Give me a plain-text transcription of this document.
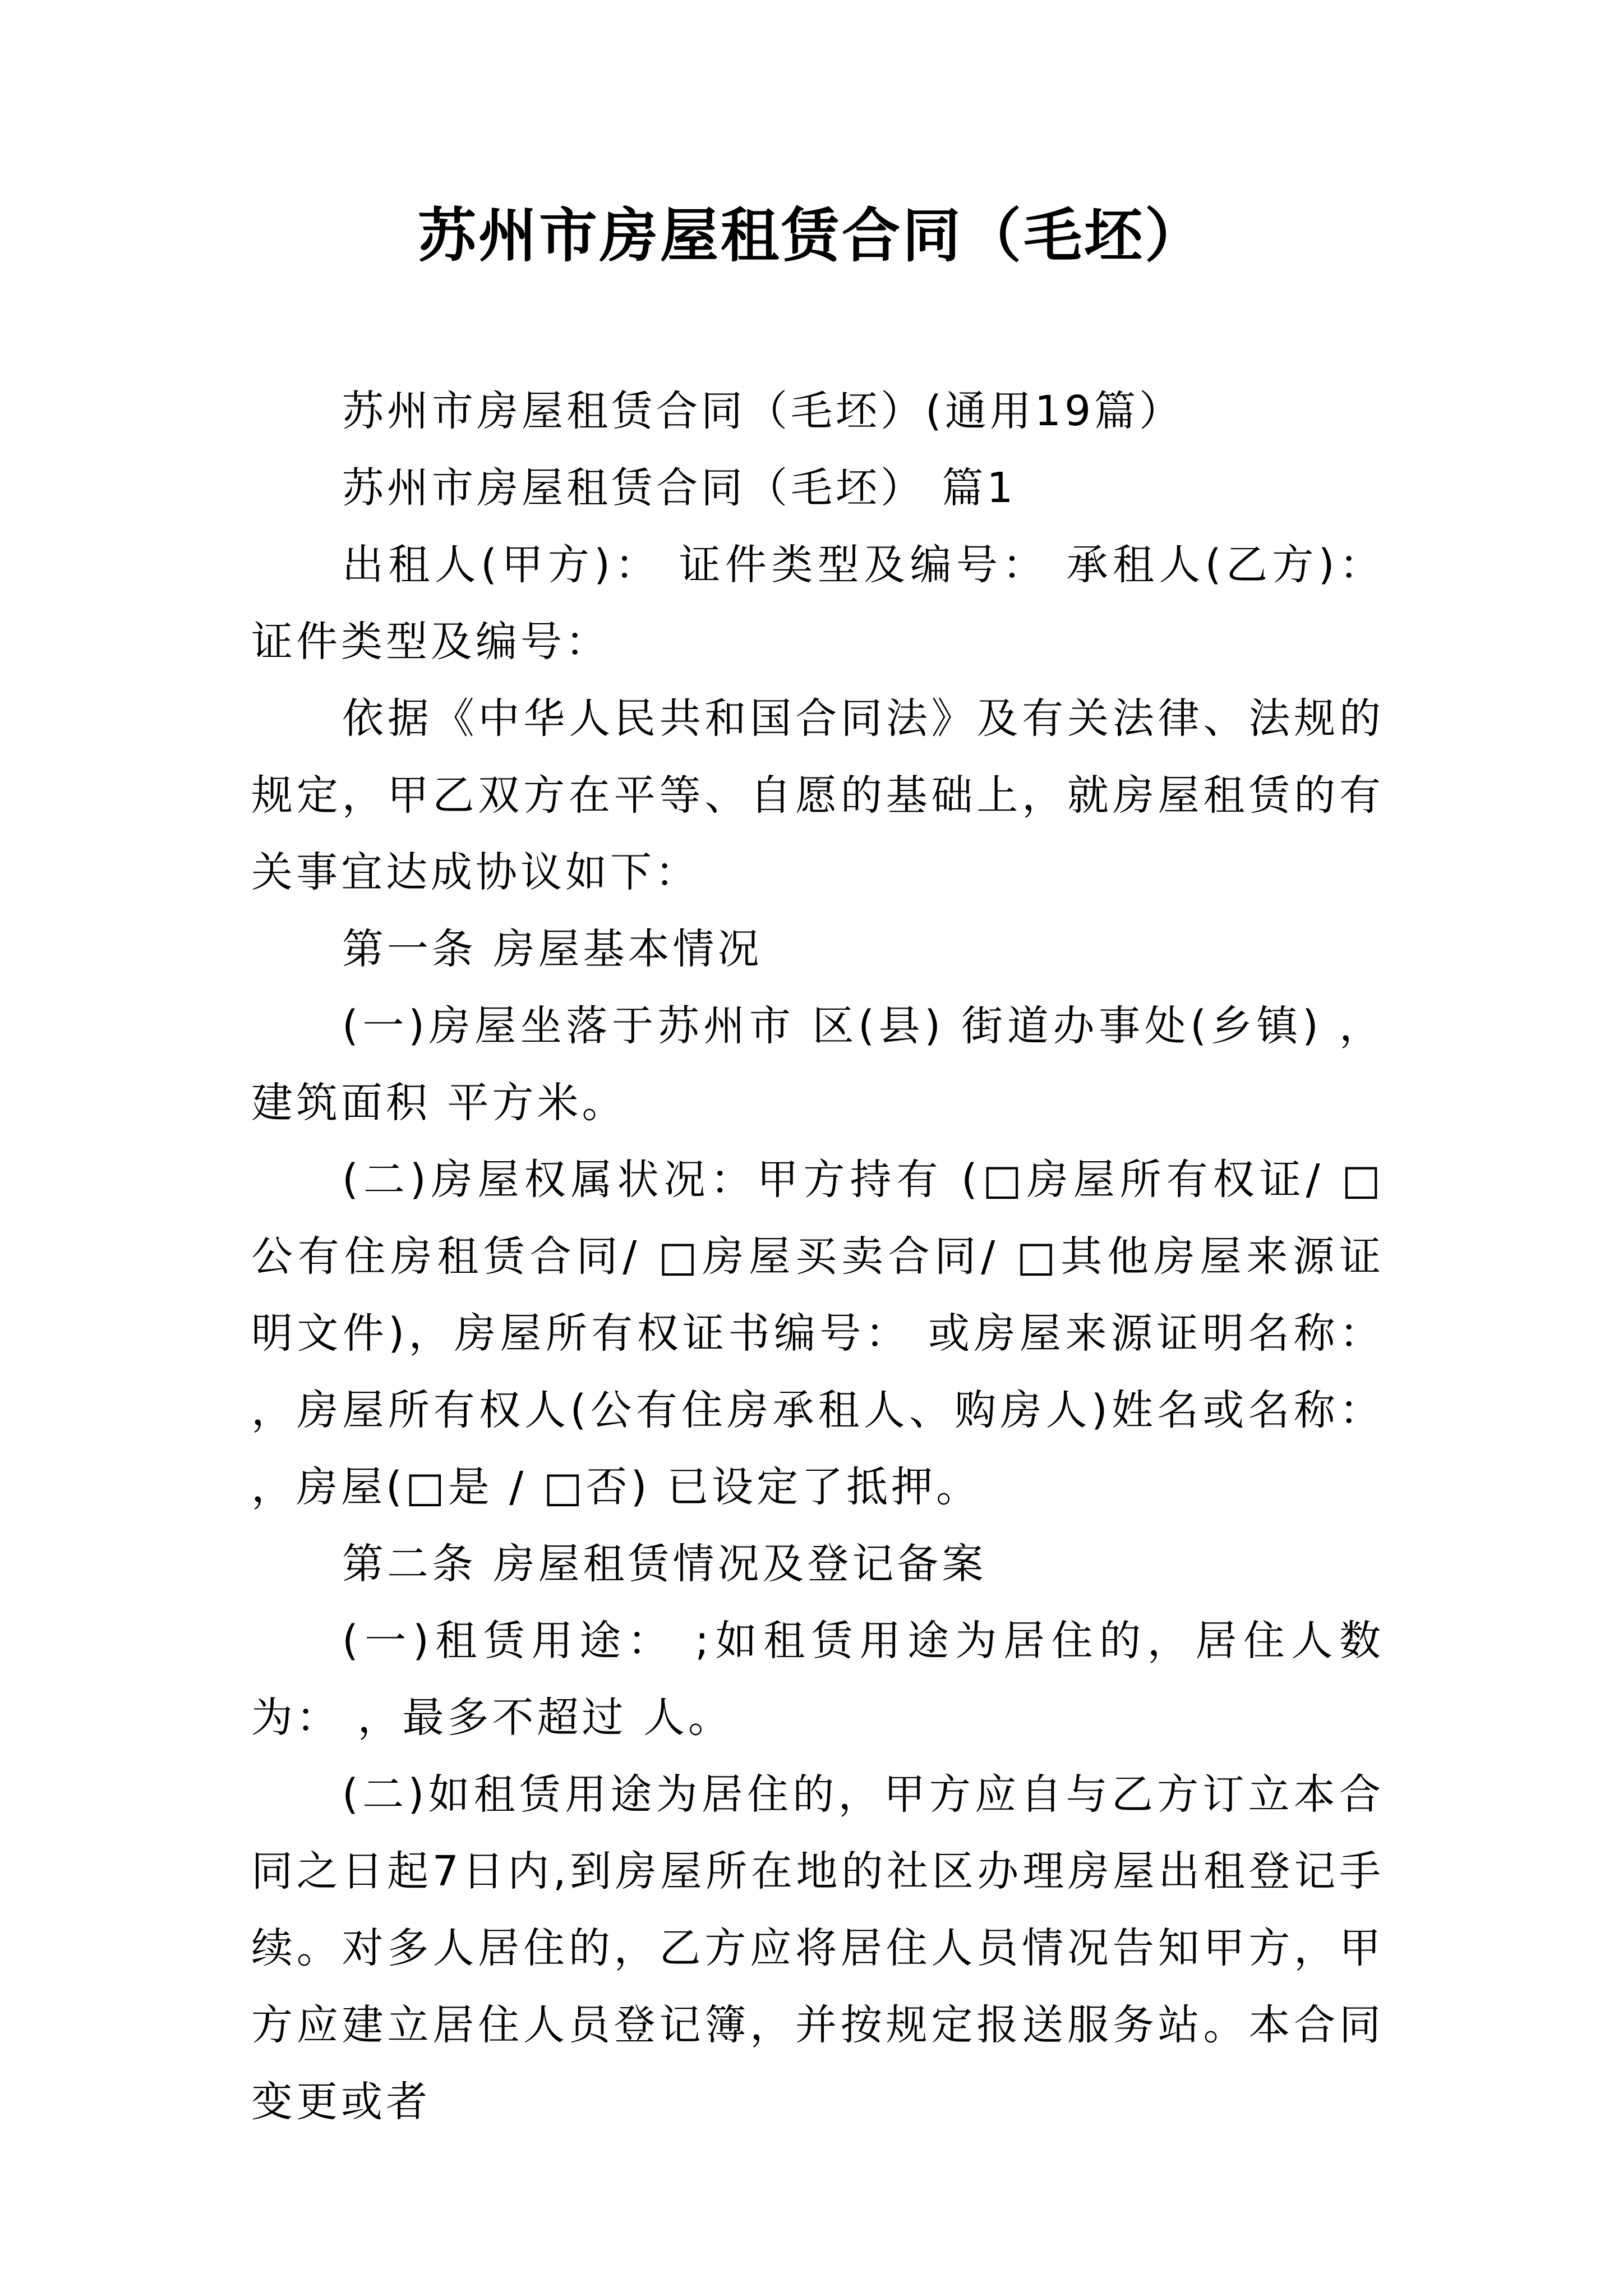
苏州市房屋租赁合同（毛坯）

苏州市房屋租赁合同（毛坯）(通用19篇）

苏州市房屋租赁合同（毛坯） 篇1

出租人(甲方)： 证件类型及编号： 承租人(乙方)：证件类型及编号：

依据《中华人民共和国合同法》及有关法律、法规的规定，甲乙双方在平等、自愿的基础上，就房屋租赁的有关事宜达成协议如下：

第一条 房屋基本情况

(一)房屋坐落于苏州市 区(县) 街道办事处(乡镇) ，建筑面积 平方米。

(二)房屋权属状况：甲方持有 (□房屋所有权证/ □公有住房租赁合同/ □房屋买卖合同/ □其他房屋来源证明文件)，房屋所有权证书编号： 或房屋来源证明名称： ，房屋所有权人(公有住房承租人、购房人)姓名或名称： ，房屋(□是 / □否) 已设定了抵押。

第二条 房屋租赁情况及登记备案

(一)租赁用途： ;如租赁用途为居住的，居住人数为： ，最多不超过 人。

(二)如租赁用途为居住的，甲方应自与乙方订立本合同之日起7日内,到房屋所在地的社区办理房屋出租登记手续。对多人居住的，乙方应将居住人员情况告知甲方，甲方应建立居住人员登记簿，并按规定报送服务站。本合同变更或者
